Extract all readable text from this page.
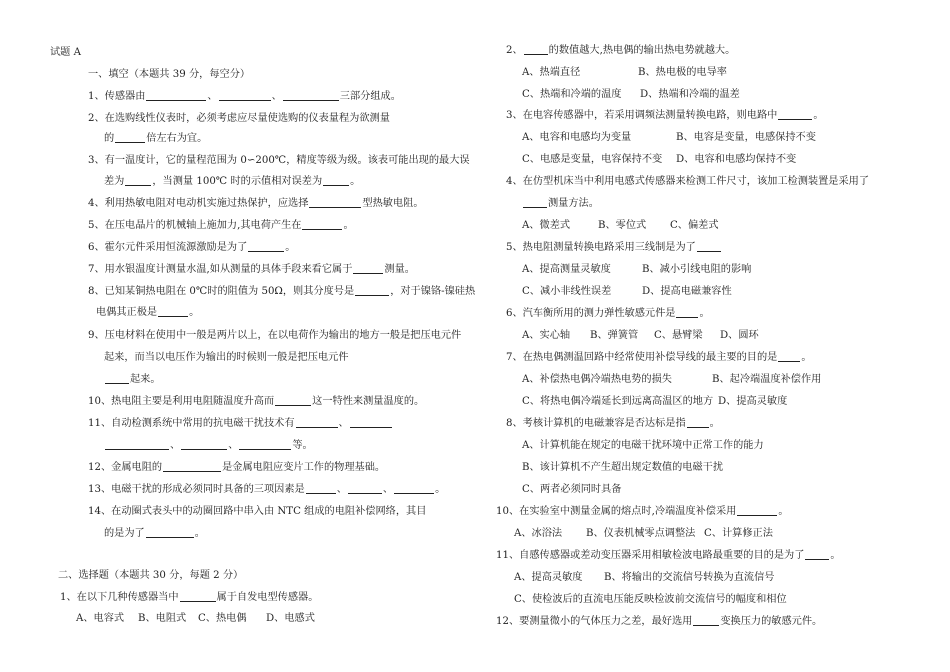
试题 A
一、填空（本题共 39 分，每空分）
1、传感器由	、	、	三部分组成。
2、在选购线性仪表时，必须考虑应尽量使选购的仪表量程为欲测量
的	倍左右为宜。
3、有一温度计，它的量程范围为 0∽200℃，精度等级为级。该表可能出现的最大误
差为	，当测量 100℃ 时的示值相对误差为	。
4、利用热敏电阻对电动机实施过热保护，应选择	型热敏电阻。
5、在压电晶片的机械轴上施加力,其电荷产生在	。
6、霍尔元件采用恒流源激励是为了	。
7、用水银温度计测量水温,如从测量的具体手段来看它属于	测量。
8、已知某铜热电阻在 0℃时的阻值为 50Ω，则其分度号是	，对于镍铬-镍硅热
电偶其正极是	。
9、压电材料在使用中一般是两片以上，在以电荷作为输出的地方一般是把压电元件
起来，而当以电压作为输出的时候则一般是把压电元件
起来。
10、热电阻主要是利用电阻随温度升高而	这一特性来测量温度的。
11、自动检测系统中常用的抗电磁干扰技术有	、
、	、	等。
12、金属电阻的	是金属电阻应变片工作的物理基础。
13、电磁干扰的形成必须同时具备的三项因素是	、	、	。
14、在动圈式表头中的动圈回路中串入由 NTC 组成的电阻补偿网络，其目
的是为了	。
二、选择题（本题共 30 分，每题 2 分）
1、在以下几种传感器当中	属于自发电型传感器。
A、电容式 B、电阻式 C、热电偶 D、电感式
2、	的数值越大,热电偶的输出热电势就越大。
A、热端直径	B、热电极的电导率
C、热端和冷端的温度 D、热端和冷端的温差
3、在电容传感器中，若采用调频法测量转换电路，则电路中	。
A、电容和电感均为变量	B、电容是变量，电感保持不变
C、电感是变量，电容保持不变 D、电容和电感均保持不变
4、在仿型机床当中利用电感式传感器来检测工件尺寸，该加工检测装置是采用了
测量方法。
A、微差式	B、零位式 C、偏差式
5、热电阻测量转换电路采用三线制是为了
A、提高测量灵敏度	B、减小引线电阻的影响
C、减小非线性误差	D、提高电磁兼容性
6、汽车衡所用的测力弹性敏感元件是 。
A、实心轴 B、弹簧管 C、悬臂梁 D、圆环
7、在热电偶测温回路中经常使用补偿导线的最主要的目的是 。
A、补偿热电偶冷端热电势的损失	B、起冷端温度补偿作用
C、将热电偶冷端延长到远离高温区的地方 D、提高灵敏度
8、考核计算机的电磁兼容是否达标是指 。
A、计算机能在规定的电磁干扰环境中正常工作的能力
B、该计算机不产生超出规定数值的电磁干扰
C、两者必须同时具备
10、在实验室中测量金属的熔点时,冷端温度补偿采用	。
A、冰浴法 B、仪表机械零点调整法 C、计算修正法
11、自感传感器或差动变压器采用相敏检波电路最重要的目的是为了	。
A、提高灵敏度 B、将输出的交流信号转换为直流信号
C、使检波后的直流电压能反映检波前交流信号的幅度和相位
12、要测量微小的气体压力之差，最好选用	变换压力的敏感元件。
